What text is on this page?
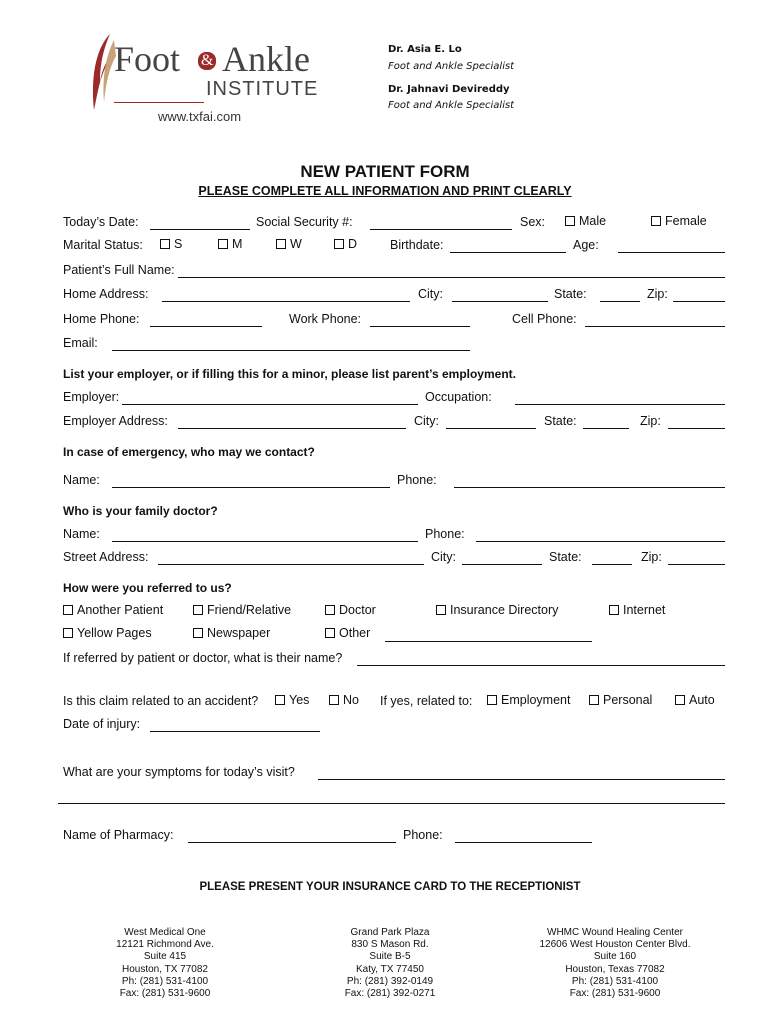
Foot & Ankle
INSTITUTE
www.txfai.com
Dr. Asia E. Lo
Foot and Ankle Specialist
Dr. Jahnavi Devireddy
Foot and Ankle Specialist
NEW PATIENT FORM
PLEASE COMPLETE ALL INFORMATION AND PRINT CLEARLY
Today’s Date:	Social Security #:	Sex:	Male	Female
Marital Status:	S	M	W	D	Birthdate:	Age:
Patient’s Full Name:
Home Address:	City:	State:	Zip:
Home Phone:	Work Phone:	Cell Phone:
Email:
List your employer, or if filling this for a minor, please list parent’s employment.
Employer:	Occupation:
Employer Address:	City:	State:	Zip:
In case of emergency, who may we contact?
Name:	Phone:
Who is your family doctor?
Name:	Phone:
Street Address:	City:	State:	Zip:
How were you referred to us?
Another Patient	Friend/Relative	Doctor	Insurance Directory	Internet
Yellow Pages	Newspaper	Other
If referred by patient or doctor, what is their name?
Is this claim related to an accident?	Yes	No If yes, related to:	Employment	Personal	Auto
Date of injury:
What are your symptoms for today’s visit?
Name of Pharmacy:	Phone:
PLEASE PRESENT YOUR INSURANCE CARD TO THE RECEPTIONIST
West Medical One
12121 Richmond Ave.
Suite 415
Houston, TX 77082
Ph: (281) 531-4100
Fax: (281) 531-9600
Grand Park Plaza
830 S Mason Rd.
Suite B-5
Katy, TX 77450
Ph: (281) 392-0149
Fax: (281) 392-0271
WHMC Wound Healing Center
12606 West Houston Center Blvd.
Suite 160
Houston, Texas 77082
Ph: (281) 531-4100
Fax: (281) 531-9600
